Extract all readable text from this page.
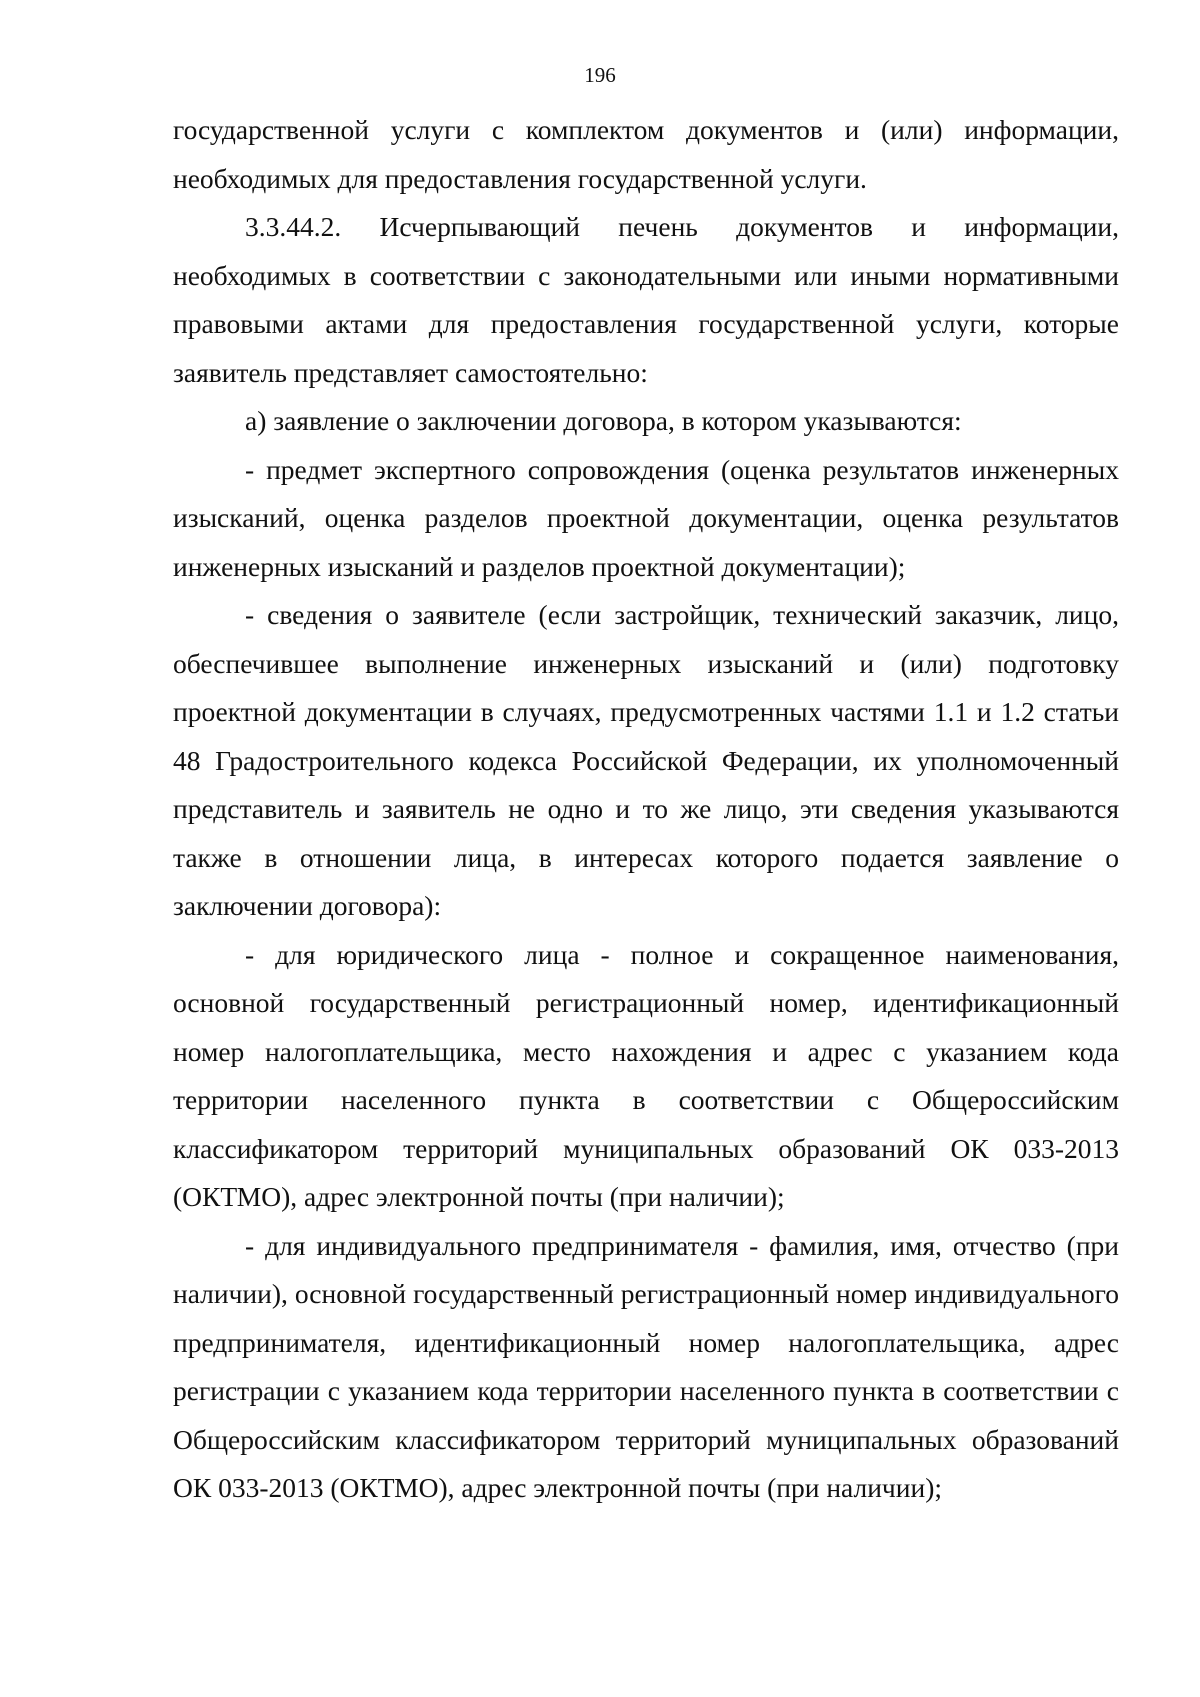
196

государственной услуги с комплектом документов и (или) информации, необходимых для предоставления государственной услуги.

3.3.44.2. Исчерпывающий печень документов и информации, необходимых в соответствии с законодательными или иными нормативными правовыми актами для предоставления государственной услуги, которые заявитель представляет самостоятельно:

а) заявление о заключении договора, в котором указываются:

- предмет экспертного сопровождения (оценка результатов инженерных изысканий, оценка разделов проектной документации, оценка результатов инженерных изысканий и разделов проектной документации);

- сведения о заявителе (если застройщик, технический заказчик, лицо, обеспечившее выполнение инженерных изысканий и (или) подготовку проектной документации в случаях, предусмотренных частями 1.1 и 1.2 статьи 48 Градостроительного кодекса Российской Федерации, их уполномоченный представитель и заявитель не одно и то же лицо, эти сведения указываются также в отношении лица, в интересах которого подается заявление о заключении договора):

- для юридического лица - полное и сокращенное наименования, основной государственный регистрационный номер, идентификационный номер налогоплательщика, место нахождения и адрес с указанием кода территории населенного пункта в соответствии с Общероссийским классификатором территорий муниципальных образований ОК 033-2013 (ОКТМО), адрес электронной почты (при наличии);

- для индивидуального предпринимателя - фамилия, имя, отчество (при наличии), основной государственный регистрационный номер индивидуального предпринимателя, идентификационный номер налогоплательщика, адрес регистрации с указанием кода территории населенного пункта в соответствии с Общероссийским классификатором территорий муниципальных образований ОК 033-2013 (ОКТМО), адрес электронной почты (при наличии);
